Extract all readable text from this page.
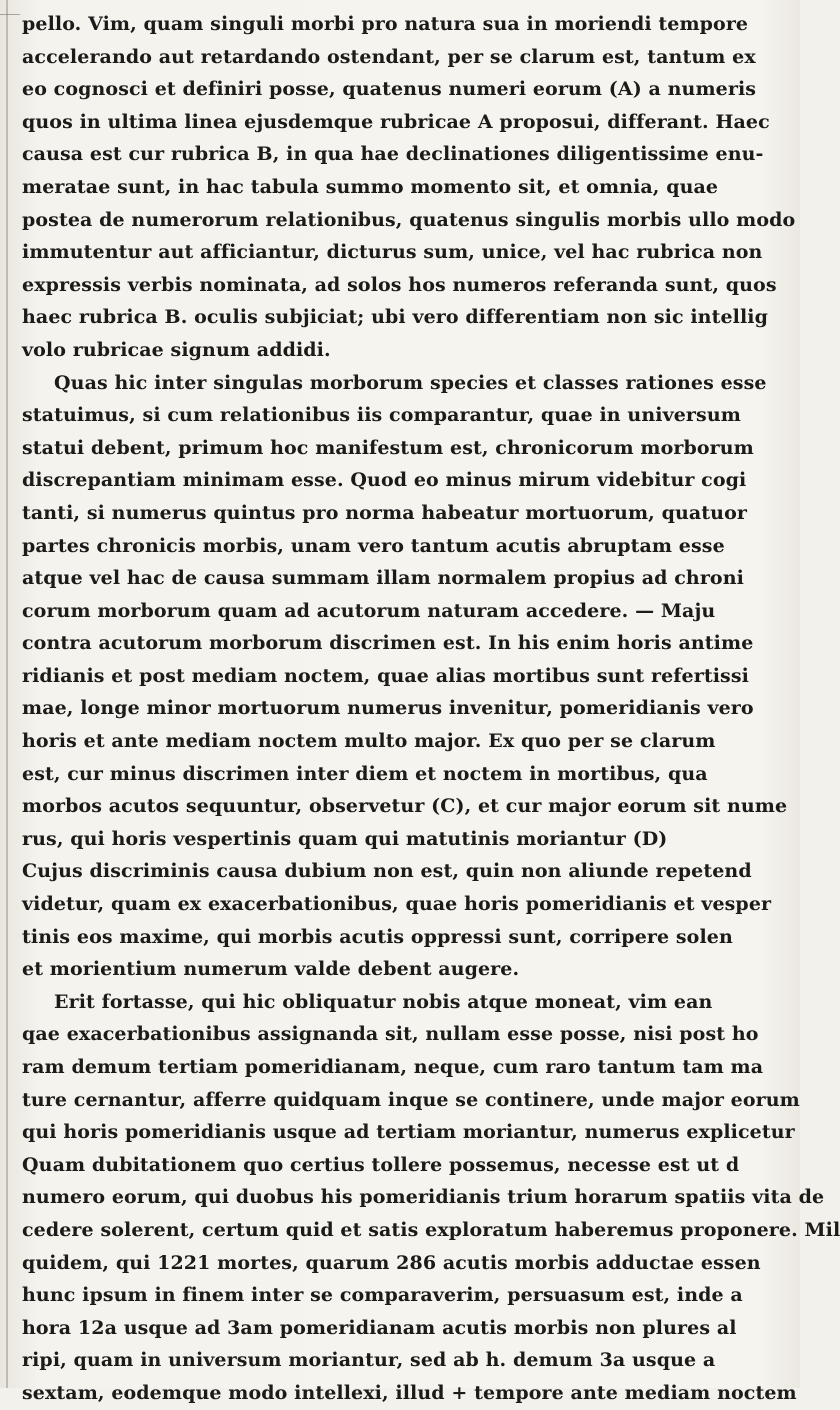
pello. Vim, quam singuli morbi pro natura sua in moriendi tempore
accelerando aut retardando ostendant, per se clarum est, tantum ex
eo cognosci et definiri posse, quatenus numeri eorum (A) a numeris
quos in ultima linea ejusdemque rubricae A proposui, differant. Haec
causa est cur rubrica B, in qua hae declinationes diligentissime enu-
meratae sunt, in hac tabula summo momento sit, et omnia, quae
postea de numerorum relationibus, quatenus singulis morbis ullo modo
immutentur aut afficiantur, dicturus sum, unice, vel hac rubrica non
expressis verbis nominata, ad solos hos numeros referanda sunt, quos
haec rubrica B. oculis subjiciat; ubi vero differentiam non sic intellig
volo rubricae signum addidi.
Quas hic inter singulas morborum species et classes rationes esse
statuimus, si cum relationibus iis comparantur, quae in universum
statui debent, primum hoc manifestum est, chronicorum morborum
discrepantiam minimam esse. Quod eo minus mirum videbitur cogi
tanti, si numerus quintus pro norma habeatur mortuorum, quatuor
partes chronicis morbis, unam vero tantum acutis abruptam esse
atque vel hac de causa summam illam normalem propius ad chroni
corum morborum quam ad acutorum naturam accedere. — Maju
contra acutorum morborum discrimen est. In his enim horis antime
ridianis et post mediam noctem, quae alias mortibus sunt refertissi
mae, longe minor mortuorum numerus invenitur, pomeridianis vero
horis et ante mediam noctem multo major. Ex quo per se clarum
est, cur minus discrimen inter diem et noctem in mortibus, qua
morbos acutos sequuntur, observetur (C), et cur major eorum sit nume
rus, qui horis vespertinis quam qui matutinis moriantur (D)
Cujus discriminis causa dubium non est, quin non aliunde repetend
videtur, quam ex exacerbationibus, quae horis pomeridianis et vesper
tinis eos maxime, qui morbis acutis oppressi sunt, corripere solen
et morientium numerum valde debent augere.
Erit fortasse, qui hic obliquatur nobis atque moneat, vim ean
qae exacerbationibus assignanda sit, nullam esse posse, nisi post ho
ram demum tertiam pomeridianam, neque, cum raro tantum tam ma
ture cernantur, afferre quidquam inque se continere, unde major eorum
qui horis pomeridianis usque ad tertiam moriantur, numerus explicetur
Quam dubitationem quo certius tollere possemus, necesse est ut d
numero eorum, qui duobus his pomeridianis trium horarum spatiis vita de
cedere solerent, certum quid et satis exploratum haberemus proponere. Mil
quidem, qui 1221 mortes, quarum 286 acutis morbis adductae essen
hunc ipsum in finem inter se comparaverim, persuasum est, inde a
hora 12a usque ad 3am pomeridianam acutis morbis non plures al
ripi, quam in universum moriantur, sed ab h. demum 3a usque a
sextam, eodemque modo intellexi, illud + tempore ante mediam noctem
